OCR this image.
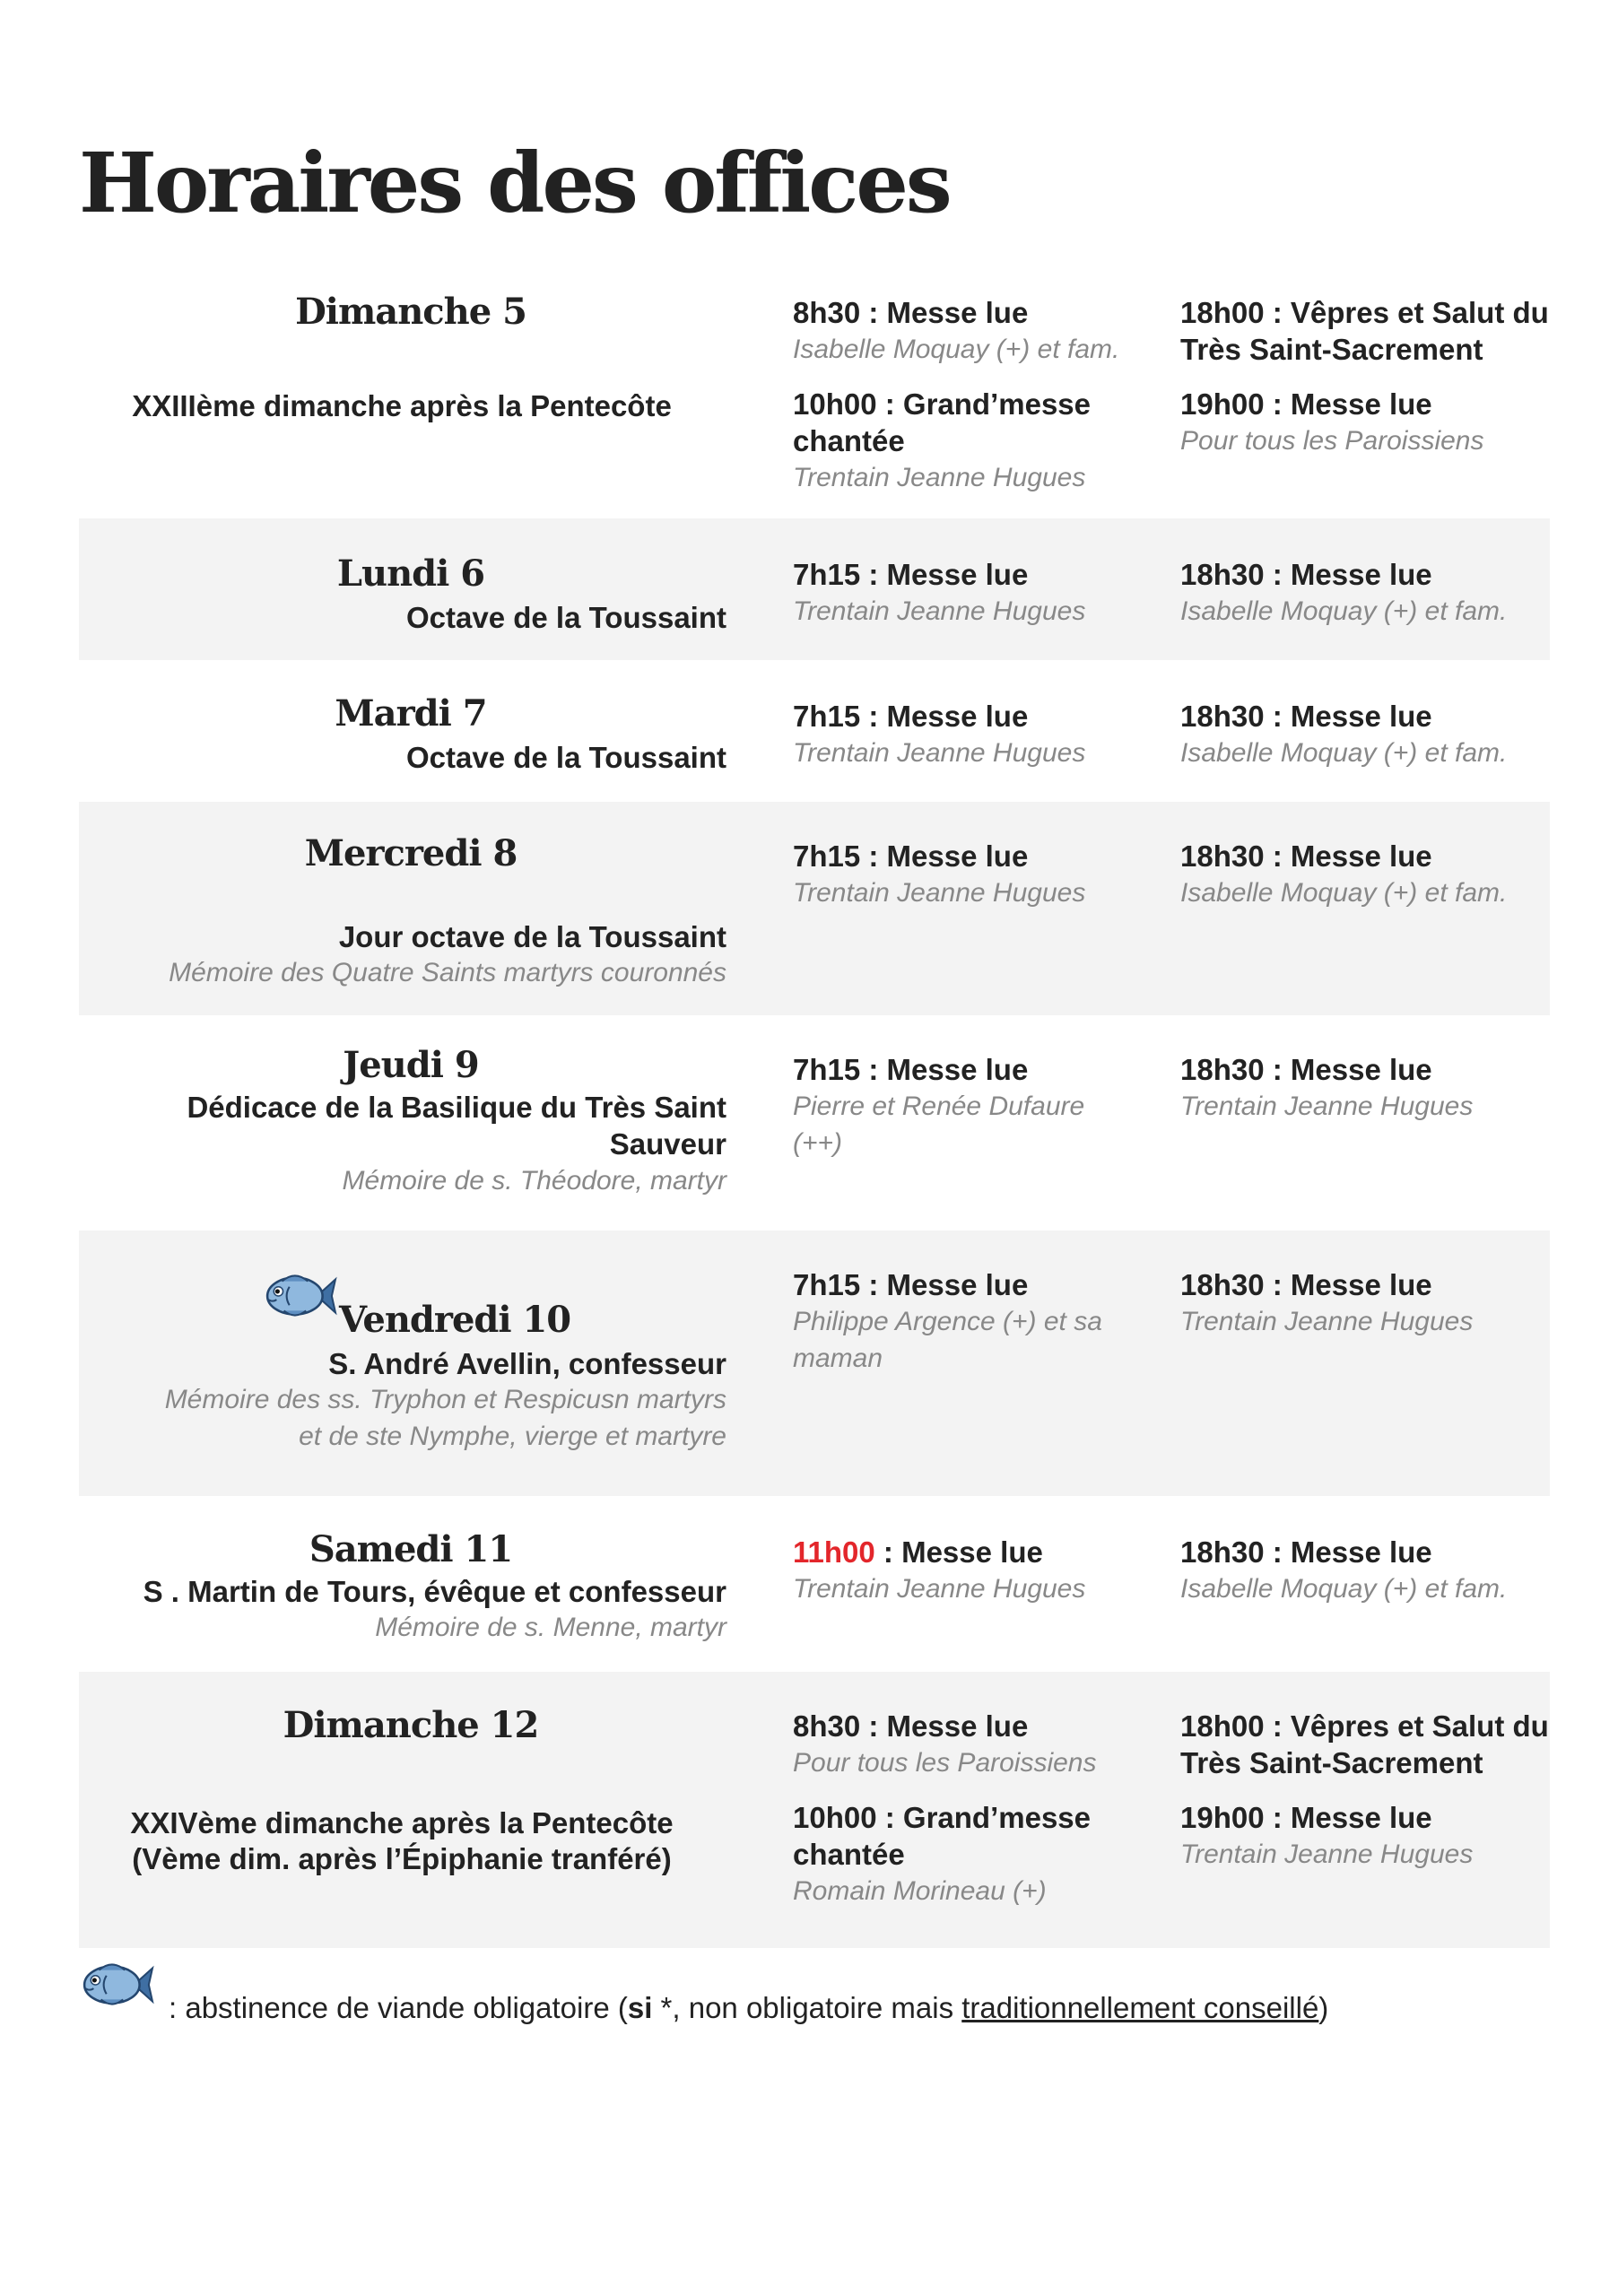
Horaires des offices
Dimanche 5
XXIIIème dimanche après la Pentecôte
8h30 : Messe lue
Isabelle Moquay (+) et fam.
18h00 : Vêpres et Salut du Très Saint-Sacrement
10h00 : Grand’messe chantée
Trentain Jeanne Hugues
19h00 : Messe lue
Pour tous les Paroissiens
Lundi 6
Octave de la Toussaint
7h15 : Messe lue
Trentain Jeanne Hugues
18h30 : Messe lue
Isabelle Moquay (+) et fam.
Mardi 7
Octave de la Toussaint
7h15 : Messe lue
Trentain Jeanne Hugues
18h30 : Messe lue
Isabelle Moquay (+) et fam.
Mercredi 8
Jour octave de la Toussaint
Mémoire des Quatre Saints martyrs couronnés
7h15 : Messe lue
Trentain Jeanne Hugues
18h30 : Messe lue
Isabelle Moquay (+) et fam.
Jeudi 9
Dédicace de la Basilique du Très Saint Sauveur
Mémoire de s. Théodore, martyr
7h15 : Messe lue
Pierre et Renée Dufaure (++)
18h30 : Messe lue
Trentain Jeanne Hugues
Vendredi 10
S. André Avellin, confesseur
Mémoire des ss. Tryphon et Respicusn martyrs et de ste Nymphe, vierge et martyre
7h15 : Messe lue
Philippe Argence (+) et sa maman
18h30 : Messe lue
Trentain Jeanne Hugues
Samedi 11
S . Martin de Tours, évêque et confesseur
Mémoire de s. Menne, martyr
11h00 : Messe lue
Trentain Jeanne Hugues
18h30 : Messe lue
Isabelle Moquay (+) et fam.
Dimanche 12
XXIVème dimanche après la Pentecôte
(Vème dim. après l’Épiphanie tranféré)
8h30 : Messe lue
Pour tous les Paroissiens
18h00 : Vêpres et Salut du Très Saint-Sacrement
10h00 : Grand’messe chantée
Romain Morineau (+)
19h00 : Messe lue
Trentain Jeanne Hugues
: abstinence de viande obligatoire (si *, non obligatoire mais traditionnellement conseillé)
